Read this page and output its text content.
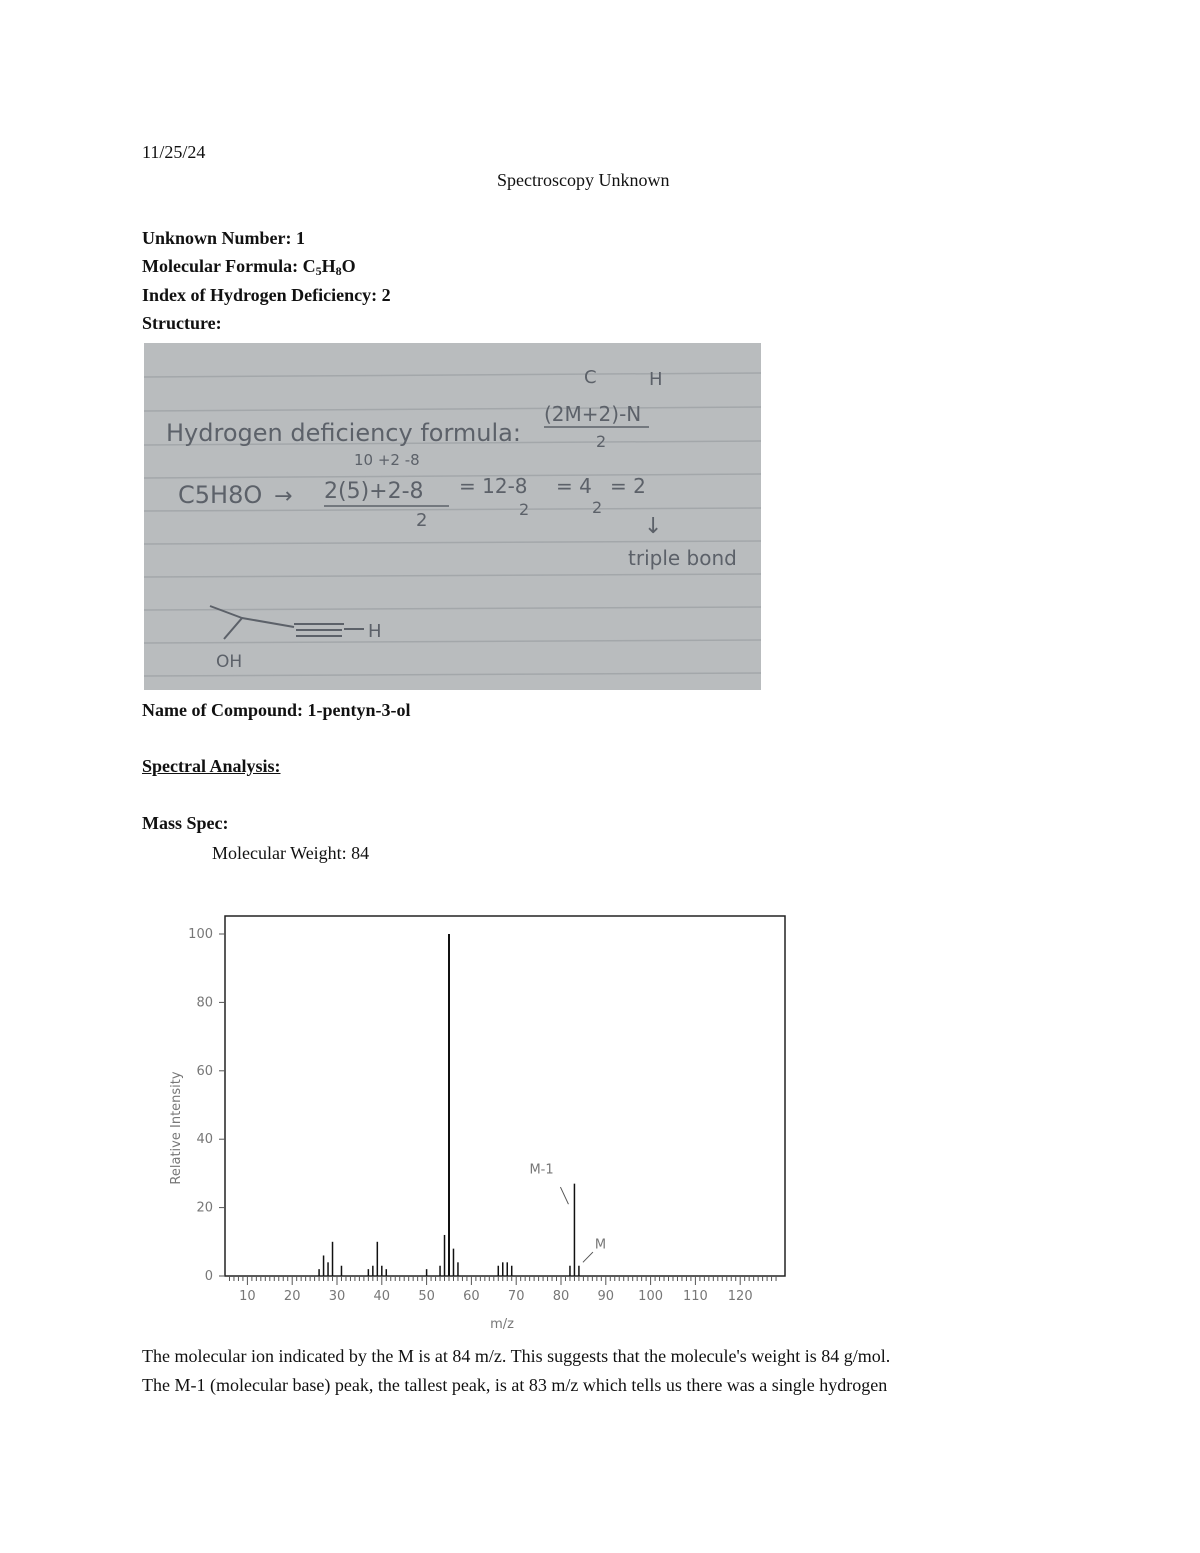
11/25/24
Spectroscopy Unknown
Unknown Number: 1
Molecular Formula: $C_5H_8O$
Index of Hydrogen Deficiency: 2
Structure:
Hydrogen deficiency formula:
(2M+2)-N
2
C	H
10 +2 -8
C5H8O → 2(5)+2-8
2
= 12-8
2
= 4
2
= 2
↓
triple bond
OH
H
Name of Compound: 1-pentyn-3-ol
Spectral Analysis:
Mass Spec:
Molecular Weight: 84
Relative Intensity
m/z
0
20
40
60
80
100
10 20 30 40 50 60 70 80 90 100 110 120
M-1
M
The molecular ion indicated by the M is at 84 m/z. This suggests that the molecule's weight is 84 g/mol.
The M-1 (molecular base) peak, the tallest peak, is at 83 m/z which tells us there was a single hydrogen
